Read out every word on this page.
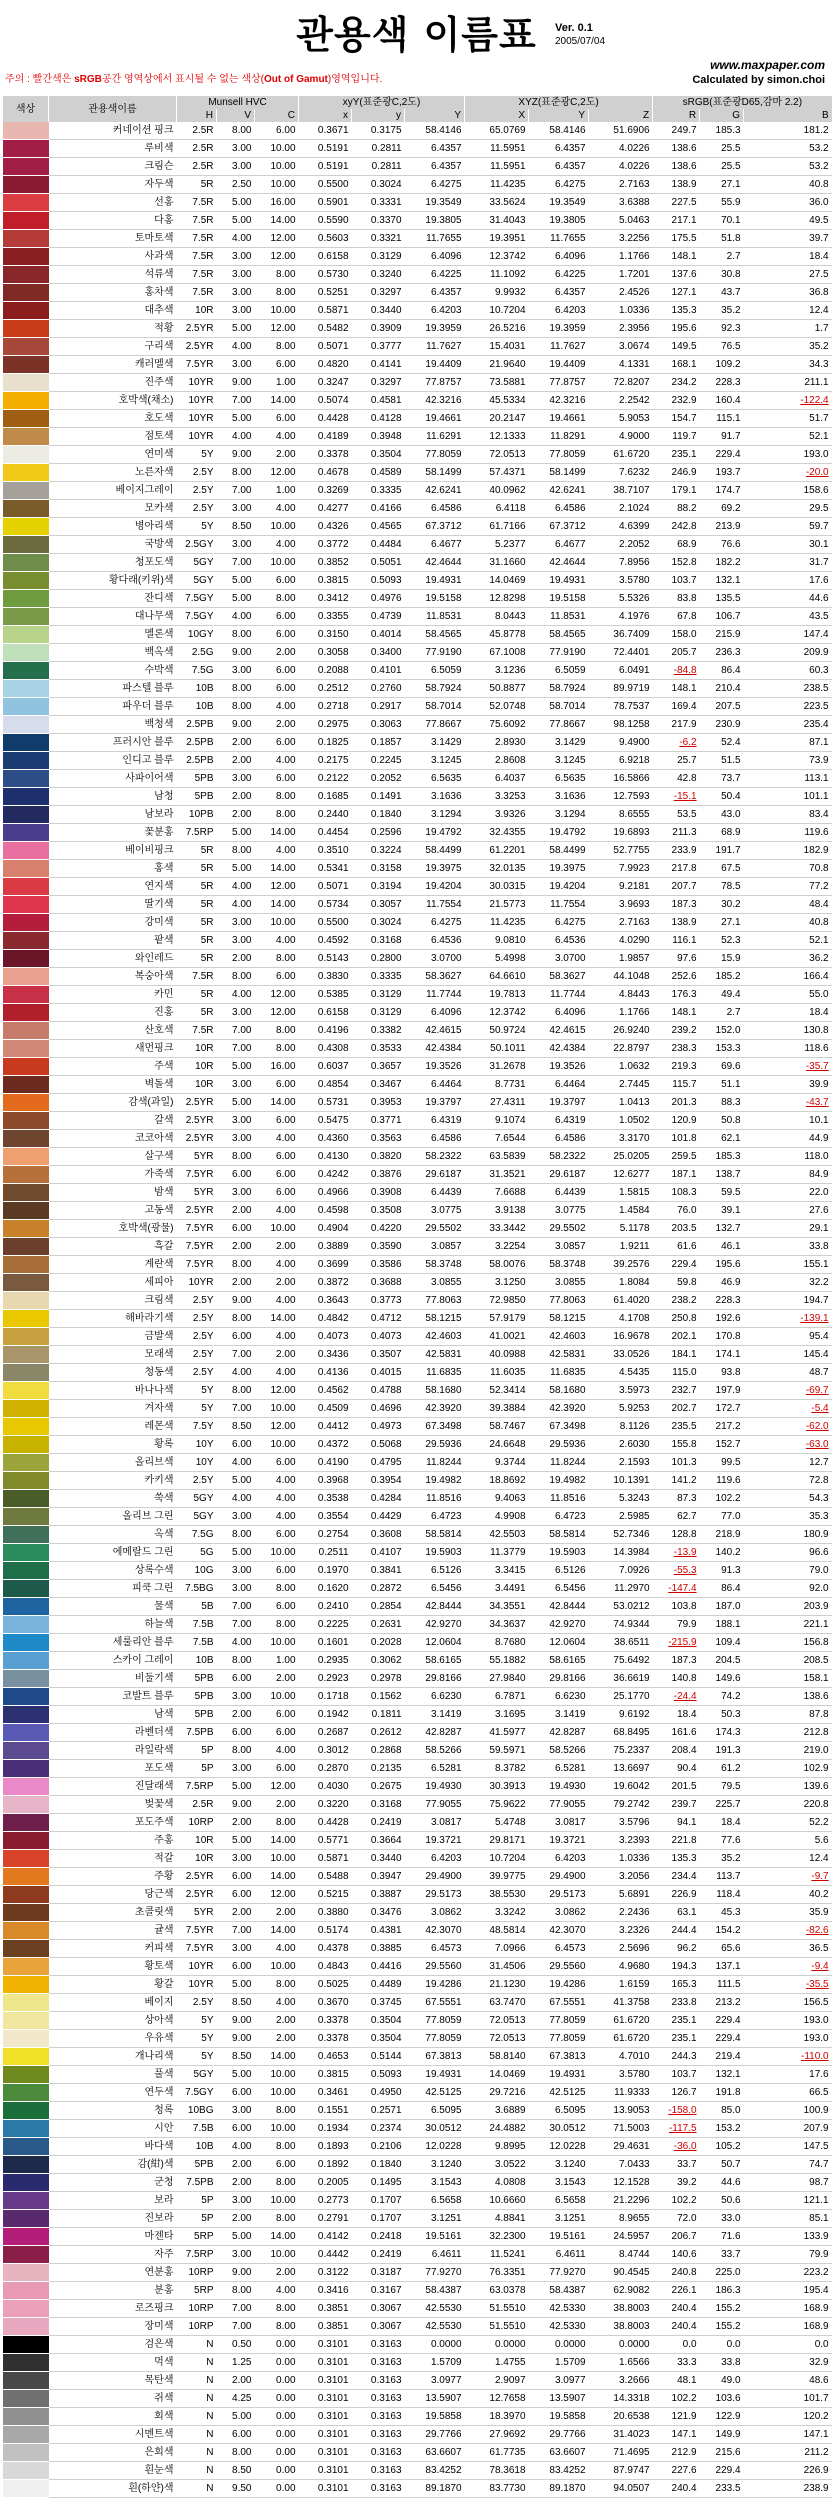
관용색 이름표	Ver. 0.1
2005/07/04
주의 : 빨간색은 sRGB공간 영역상에서 표시될 수 없는 색상(Out of Gamut)영역입니다.
www.maxpaper.com
Calculated by simon.choi
색상	관용색이름	Munsell HVC			xyY(표준광C,2도)			XYZ(표준광C,2도)			sRGB(표준광D65,감마 2.2)		
		H	V	C	x	y	Y	X	Y	Z	R	G	B
	커네이션 핑크	2.5R	8.00	6.00	0.3671	0.3175	58.4146	65.0769	58.4146	51.6906	249.7	185.3	181.2
	루비색	2.5R	3.00	10.00	0.5191	0.2811	6.4357	11.5951	6.4357	4.0226	138.6	25.5	53.2
	크림슨	2.5R	3.00	10.00	0.5191	0.2811	6.4357	11.5951	6.4357	4.0226	138.6	25.5	53.2
	자두색	5R	2.50	10.00	0.5500	0.3024	6.4275	11.4235	6.4275	2.7163	138.9	27.1	40.8
	선홍	7.5R	5.00	16.00	0.5901	0.3331	19.3549	33.5624	19.3549	3.6388	227.5	55.9	36.0
	다홍	7.5R	5.00	14.00	0.5590	0.3370	19.3805	31.4043	19.3805	5.0463	217.1	70.1	49.5
	토마토색	7.5R	4.00	12.00	0.5603	0.3321	11.7655	19.3951	11.7655	3.2256	175.5	51.8	39.7
	사과색	7.5R	3.00	12.00	0.6158	0.3129	6.4096	12.3742	6.4096	1.1766	148.1	2.7	18.4
	석류색	7.5R	3.00	8.00	0.5730	0.3240	6.4225	11.1092	6.4225	1.7201	137.6	30.8	27.5
	홍차색	7.5R	3.00	8.00	0.5251	0.3297	6.4357	9.9932	6.4357	2.4526	127.1	43.7	36.8
	대추색	10R	3.00	10.00	0.5871	0.3440	6.4203	10.7204	6.4203	1.0336	135.3	35.2	12.4
	적황	2.5YR	5.00	12.00	0.5482	0.3909	19.3959	26.5216	19.3959	2.3956	195.6	92.3	1.7
	구리색	2.5YR	4.00	8.00	0.5071	0.3777	11.7627	15.4031	11.7627	3.0674	149.5	76.5	35.2
	캐러멜색	7.5YR	3.00	6.00	0.4820	0.4141	19.4409	21.9640	19.4409	4.1331	168.1	109.2	34.3
	진주색	10YR	9.00	1.00	0.3247	0.3297	77.8757	73.5881	77.8757	72.8207	234.2	228.3	211.1
	호박색(채소)	10YR	7.00	14.00	0.5074	0.4581	42.3216	45.5334	42.3216	2.2542	232.9	160.4	-122.4
	호도색	10YR	5.00	6.00	0.4428	0.4128	19.4661	20.2147	19.4661	5.9053	154.7	115.1	51.7
	점토색	10YR	4.00	4.00	0.4189	0.3948	11.6291	12.1333	11.8291	4.9000	119.7	91.7	52.1
	연미색	5Y	9.00	2.00	0.3378	0.3504	77.8059	72.0513	77.8059	61.6720	235.1	229.4	193.0
	노른자색	2.5Y	8.00	12.00	0.4678	0.4589	58.1499	57.4371	58.1499	7.6232	246.9	193.7	-20.0
	베이지그레이	2.5Y	7.00	1.00	0.3269	0.3335	42.6241	40.0962	42.6241	38.7107	179.1	174.7	158.6
	모카색	2.5Y	3.00	4.00	0.4277	0.4166	6.4586	6.4118	6.4586	2.1024	88.2	69.2	29.5
	병아리색	5Y	8.50	10.00	0.4326	0.4565	67.3712	61.7166	67.3712	4.6399	242.8	213.9	59.7
	국방색	2.5GY	3.00	4.00	0.3772	0.4484	6.4677	5.2377	6.4677	2.2052	68.9	76.6	30.1
	청포도색	5GY	7.00	10.00	0.3852	0.5051	42.4644	31.1660	42.4644	7.8956	152.8	182.2	31.7
	황다래(키위)색	5GY	5.00	6.00	0.3815	0.5093	19.4931	14.0469	19.4931	3.5780	103.7	132.1	17.6
	잔디색	7.5GY	5.00	8.00	0.3412	0.4976	19.5158	12.8298	19.5158	5.5326	83.8	135.5	44.6
	대나무색	7.5GY	4.00	6.00	0.3355	0.4739	11.8531	8.0443	11.8531	4.1976	67.8	106.7	43.5
	멜론색	10GY	8.00	6.00	0.3150	0.4014	58.4565	45.8778	58.4565	36.7409	158.0	215.9	147.4
	백옥색	2.5G	9.00	2.00	0.3058	0.3400	77.9190	67.1008	77.9190	72.4401	205.7	236.3	209.9
	수박색	7.5G	3.00	6.00	0.2088	0.4101	6.5059	3.1236	6.5059	6.0491	-84.8	86.4	60.3
	파스텔 블루	10B	8.00	6.00	0.2512	0.2760	58.7924	50.8877	58.7924	89.9719	148.1	210.4	238.5
	파우더 블루	10B	8.00	4.00	0.2718	0.2917	58.7014	52.0748	58.7014	78.7537	169.4	207.5	223.5
	백청색	2.5PB	9.00	2.00	0.2975	0.3063	77.8667	75.6092	77.8667	98.1258	217.9	230.9	235.4
	프러시안 블루	2.5PB	2.00	6.00	0.1825	0.1857	3.1429	2.8930	3.1429	9.4900	-6.2	52.4	87.1
	인디고 블루	2.5PB	2.00	4.00	0.2175	0.2245	3.1245	2.8608	3.1245	6.9218	25.7	51.5	73.9
	사파이어색	5PB	3.00	6.00	0.2122	0.2052	6.5635	6.4037	6.5635	16.5866	42.8	73.7	113.1
	남청	5PB	2.00	8.00	0.1685	0.1491	3.1636	3.3253	3.1636	12.7593	-15.1	50.4	101.1
	남보라	10PB	2.00	8.00	0.2440	0.1840	3.1294	3.9326	3.1294	8.6555	53.5	43.0	83.4
	꽃분홍	7.5RP	5.00	14.00	0.4454	0.2596	19.4792	32.4355	19.4792	19.6893	211.3	68.9	119.6
	베이비핑크	5R	8.00	4.00	0.3510	0.3224	58.4499	61.2201	58.4499	52.7755	233.9	191.7	182.9
	홍색	5R	5.00	14.00	0.5341	0.3158	19.3975	32.0135	19.3975	7.9923	217.8	67.5	70.8
	연지색	5R	4.00	12.00	0.5071	0.3194	19.4204	30.0315	19.4204	9.2181	207.7	78.5	77.2
	딸기색	5R	4.00	14.00	0.5734	0.3057	11.7554	21.5773	11.7554	3.9693	187.3	30.2	48.4
	강미색	5R	3.00	10.00	0.5500	0.3024	6.4275	11.4235	6.4275	2.7163	138.9	27.1	40.8
	팥색	5R	3.00	4.00	0.4592	0.3168	6.4536	9.0810	6.4536	4.0290	116.1	52.3	52.1
	와인레드	5R	2.00	8.00	0.5143	0.2800	3.0700	5.4998	3.0700	1.9857	97.6	15.9	36.2
	복숭아색	7.5R	8.00	6.00	0.3830	0.3335	58.3627	64.6610	58.3627	44.1048	252.6	185.2	166.4
	카민	5R	4.00	12.00	0.5385	0.3129	11.7744	19.7813	11.7744	4.8443	176.3	49.4	55.0
	진홍	5R	3.00	12.00	0.6158	0.3129	6.4096	12.3742	6.4096	1.1766	148.1	2.7	18.4
	산호색	7.5R	7.00	8.00	0.4196	0.3382	42.4615	50.9724	42.4615	26.9240	239.2	152.0	130.8
	새먼핑크	10R	7.00	8.00	0.4308	0.3533	42.4384	50.1011	42.4384	22.8797	238.3	153.3	118.6
	주색	10R	5.00	16.00	0.6037	0.3657	19.3526	31.2678	19.3526	1.0632	219.3	69.6	-35.7
	벽돌색	10R	3.00	6.00	0.4854	0.3467	6.4464	8.7731	6.4464	2.7445	115.7	51.1	39.9
	감색(과일)	2.5YR	5.00	14.00	0.5731	0.3953	19.3797	27.4311	19.3797	1.0413	201.3	88.3	-43.7
	갈색	2.5YR	3.00	6.00	0.5475	0.3771	6.4319	9.1074	6.4319	1.0502	120.9	50.8	10.1
	코코아색	2.5YR	3.00	4.00	0.4360	0.3563	6.4586	7.6544	6.4586	3.3170	101.8	62.1	44.9
	살구색	5YR	8.00	6.00	0.4130	0.3820	58.2322	63.5839	58.2322	25.0205	259.5	185.3	118.0
	가죽색	7.5YR	6.00	6.00	0.4242	0.3876	29.6187	31.3521	29.6187	12.6277	187.1	138.7	84.9
	밤색	5YR	3.00	6.00	0.4966	0.3908	6.4439	7.6688	6.4439	1.5815	108.3	59.5	22.0
	고동색	2.5YR	2.00	4.00	0.4598	0.3508	3.0775	3.9138	3.0775	1.4584	76.0	39.1	27.6
	호박색(광물)	7.5YR	6.00	10.00	0.4904	0.4220	29.5502	33.3442	29.5502	5.1178	203.5	132.7	29.1
	흑갈	7.5YR	2.00	2.00	0.3889	0.3590	3.0857	3.2254	3.0857	1.9211	61.6	46.1	33.8
	계란색	7.5YR	8.00	4.00	0.3699	0.3586	58.3748	58.0076	58.3748	39.2576	229.4	195.6	155.1
	세피아	10YR	2.00	2.00	0.3872	0.3688	3.0855	3.1250	3.0855	1.8084	59.8	46.9	32.2
	크림색	2.5Y	9.00	4.00	0.3643	0.3773	77.8063	72.9850	77.8063	61.4020	238.2	228.3	194.7
	해바라기색	2.5Y	8.00	14.00	0.4842	0.4712	58.1215	57.9179	58.1215	4.1708	250.8	192.6	-139.1
	금발색	2.5Y	6.00	4.00	0.4073	0.4073	42.4603	41.0021	42.4603	16.9678	202.1	170.8	95.4
	모래색	2.5Y	7.00	2.00	0.3436	0.3507	42.5831	40.0988	42.5831	33.0526	184.1	174.1	145.4
	청동색	2.5Y	4.00	4.00	0.4136	0.4015	11.6835	11.6035	11.6835	4.5435	115.0	93.8	48.7
	바나나색	5Y	8.00	12.00	0.4562	0.4788	58.1680	52.3414	58.1680	3.5973	232.7	197.9	-69.7
	겨자색	5Y	7.00	10.00	0.4509	0.4696	42.3920	39.3884	42.3920	5.9253	202.7	172.7	-5.4
	레몬색	7.5Y	8.50	12.00	0.4412	0.4973	67.3498	58.7467	67.3498	8.1126	235.5	217.2	-62.0
	황록	10Y	6.00	10.00	0.4372	0.5068	29.5936	24.6648	29.5936	2.6030	155.8	152.7	-63.0
	올리브색	10Y	4.00	6.00	0.4190	0.4795	11.8244	9.3744	11.8244	2.1593	101.3	99.5	12.7
	카키색	2.5Y	5.00	4.00	0.3968	0.3954	19.4982	18.8692	19.4982	10.1391	141.2	119.6	72.8
	쑥색	5GY	4.00	4.00	0.3538	0.4284	11.8516	9.4063	11.8516	5.3243	87.3	102.2	54.3
	올리브 그린	5GY	3.00	4.00	0.3554	0.4429	6.4723	4.9908	6.4723	2.5985	62.7	77.0	35.3
	옥색	7.5G	8.00	6.00	0.2754	0.3608	58.5814	42.5503	58.5814	52.7346	128.8	218.9	180.9
	에메랄드 그린	5G	5.00	10.00	0.2511	0.4107	19.5903	11.3779	19.5903	14.3984	-13.9	140.2	96.6
	상록수색	10G	3.00	6.00	0.1970	0.3841	6.5126	3.3415	6.5126	7.0926	-55.3	91.3	79.0
	피쿡 그린	7.5BG	3.00	8.00	0.1620	0.2872	6.5456	3.4491	6.5456	11.2970	-147.4	86.4	92.0
	물색	5B	7.00	6.00	0.2410	0.2854	42.8444	34.3551	42.8444	53.0212	103.8	187.0	203.9
	하늘색	7.5B	7.00	8.00	0.2225	0.2631	42.9270	34.3637	42.9270	74.9344	79.9	188.1	221.1
	세룰리안 블루	7.5B	4.00	10.00	0.1601	0.2028	12.0604	8.7680	12.0604	38.6511	-215.9	109.4	156.8
	스카이 그레이	10B	8.00	1.00	0.2935	0.3062	58.6165	55.1882	58.6165	75.6492	187.3	204.5	208.5
	비둘기색	5PB	6.00	2.00	0.2923	0.2978	29.8166	27.9840	29.8166	36.6619	140.8	149.6	158.1
	코발트 블루	5PB	3.00	10.00	0.1718	0.1562	6.6230	6.7871	6.6230	25.1770	-24.4	74.2	138.6
	남색	5PB	2.00	6.00	0.1942	0.1811	3.1419	3.1695	3.1419	9.6192	18.4	50.3	87.8
	라벤더색	7.5PB	6.00	6.00	0.2687	0.2612	42.8287	41.5977	42.8287	68.8495	161.6	174.3	212.8
	라일락색	5P	8.00	4.00	0.3012	0.2868	58.5266	59.5971	58.5266	75.2337	208.4	191.3	219.0
	포도색	5P	3.00	6.00	0.2870	0.2135	6.5281	8.3782	6.5281	13.6697	90.4	61.2	102.9
	진달래색	7.5RP	5.00	12.00	0.4030	0.2675	19.4930	30.3913	19.4930	19.6042	201.5	79.5	139.6
	벚꽃색	2.5R	9.00	2.00	0.3220	0.3168	77.9055	75.9622	77.9055	79.2742	239.7	225.7	220.8
	포도주색	10RP	2.00	8.00	0.4428	0.2419	3.0817	5.4748	3.0817	3.5796	94.1	18.4	52.2
	주홍	10R	5.00	14.00	0.5771	0.3664	19.3721	29.8171	19.3721	3.2393	221.8	77.6	5.6
	적갈	10R	3.00	10.00	0.5871	0.3440	6.4203	10.7204	6.4203	1.0336	135.3	35.2	12.4
	주황	2.5YR	6.00	14.00	0.5488	0.3947	29.4900	39.9775	29.4900	3.2056	234.4	113.7	-9.7
	당근색	2.5YR	6.00	12.00	0.5215	0.3887	29.5173	38.5530	29.5173	5.6891	226.9	118.4	40.2
	초콜릿색	5YR	2.00	2.00	0.3880	0.3476	3.0862	3.3242	3.0862	2.2436	63.1	45.3	35.9
	귤색	7.5YR	7.00	14.00	0.5174	0.4381	42.3070	48.5814	42.3070	3.2326	244.4	154.2	-82.6
	커피색	7.5YR	3.00	4.00	0.4378	0.3885	6.4573	7.0966	6.4573	2.5696	96.2	65.6	36.5
	황토색	10YR	6.00	10.00	0.4843	0.4416	29.5560	31.4506	29.5560	4.9680	194.3	137.1	-9.4
	황갈	10YR	5.00	8.00	0.5025	0.4489	19.4286	21.1230	19.4286	1.6159	165.3	111.5	-35.5
	베이지	2.5Y	8.50	4.00	0.3670	0.3745	67.5551	63.7470	67.5551	41.3758	233.8	213.2	156.5
	상아색	5Y	9.00	2.00	0.3378	0.3504	77.8059	72.0513	77.8059	61.6720	235.1	229.4	193.0
	우유색	5Y	9.00	2.00	0.3378	0.3504	77.8059	72.0513	77.8059	61.6720	235.1	229.4	193.0
	개나리색	5Y	8.50	14.00	0.4653	0.5144	67.3813	58.8140	67.3813	4.7010	244.3	219.4	-110.0
	풀색	5GY	5.00	10.00	0.3815	0.5093	19.4931	14.0469	19.4931	3.5780	103.7	132.1	17.6
	연두색	7.5GY	6.00	10.00	0.3461	0.4950	42.5125	29.7216	42.5125	11.9333	126.7	191.8	66.5
	청록	10BG	3.00	8.00	0.1551	0.2571	6.5095	3.6889	6.5095	13.9053	-158.0	85.0	100.9
	시안	7.5B	6.00	10.00	0.1934	0.2374	30.0512	24.4882	30.0512	71.5003	-117.5	153.2	207.9
	바다색	10B	4.00	8.00	0.1893	0.2106	12.0228	9.8995	12.0228	29.4631	-36.0	105.2	147.5
	감(紺)색	5PB	2.00	6.00	0.1892	0.1840	3.1240	3.0522	3.1240	7.0433	33.7	50.7	74.7
	군청	7.5PB	2.00	8.00	0.2005	0.1495	3.1543	4.0808	3.1543	12.1528	39.2	44.6	98.7
	보라	5P	3.00	10.00	0.2773	0.1707	6.5658	10.6660	6.5658	21.2296	102.2	50.6	121.1
	진보라	5P	2.00	8.00	0.2791	0.1707	3.1251	4.8841	3.1251	8.9655	72.0	33.0	85.1
	마젠타	5RP	5.00	14.00	0.4142	0.2418	19.5161	32.2300	19.5161	24.5957	206.7	71.6	133.9
	자주	7.5RP	3.00	10.00	0.4442	0.2419	6.4611	11.5241	6.4611	8.4744	140.6	33.7	79.9
	연분홍	10RP	9.00	2.00	0.3122	0.3187	77.9270	76.3351	77.9270	90.4545	240.8	225.0	223.2
	분홍	5RP	8.00	4.00	0.3416	0.3167	58.4387	63.0378	58.4387	62.9082	226.1	186.3	195.4
	로즈핑크	10RP	7.00	8.00	0.3851	0.3067	42.5530	51.5510	42.5330	38.8003	240.4	155.2	168.9
	장미색	10RP	7.00	8.00	0.3851	0.3067	42.5530	51.5510	42.5330	38.8003	240.4	155.2	168.9
	검은색	N	0.50	0.00	0.3101	0.3163	0.0000	0.0000	0.0000	0.0000	0.0	0.0	0.0
	먹색	N	1.25	0.00	0.3101	0.3163	1.5709	1.4755	1.5709	1.6566	33.3	33.8	32.9
	목탄색	N	2.00	0.00	0.3101	0.3163	3.0977	2.9097	3.0977	3.2666	48.1	49.0	48.6
	쥐색	N	4.25	0.00	0.3101	0.3163	13.5907	12.7658	13.5907	14.3318	102.2	103.6	101.7
	회색	N	5.00	0.00	0.3101	0.3163	19.5858	18.3970	19.5858	20.6538	121.9	122.9	120.2
	시멘트색	N	6.00	0.00	0.3101	0.3163	29.7766	27.9692	29.7766	31.4023	147.1	149.9	147.1
	은회색	N	8.00	0.00	0.3101	0.3163	63.6607	61.7735	63.6607	71.4695	212.9	215.6	211.2
	흰눈색	N	8.50	0.00	0.3101	0.3163	83.4252	78.3618	83.4252	87.9747	227.6	229.4	226.9
	흰(하얀)색	N	9.50	0.00	0.3101	0.3163	89.1870	83.7730	89.1870	94.0507	240.4	233.5	238.9
